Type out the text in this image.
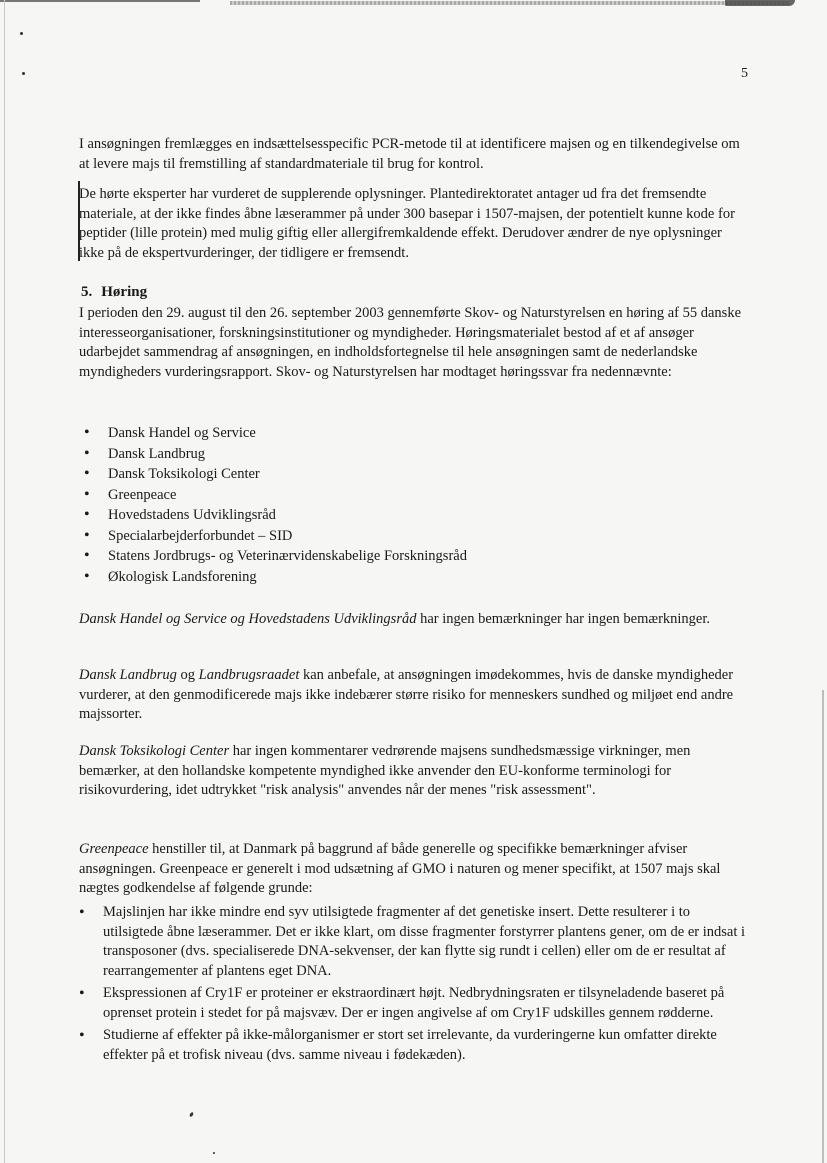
5

I ansøgningen fremlægges en indsættelsesspecific PCR-metode til at identificere majsen og en tilkendegivelse om at levere majs til fremstilling af standardmateriale til brug for kontrol.

De hørte eksperter har vurderet de supplerende oplysninger. Plantedirektoratet antager ud fra det fremsendte materiale, at der ikke findes åbne læserammer på under 300 basepar i 1507-majsen, der potentielt kunne kode for peptider (lille protein) med mulig giftig eller allergifremkaldende effekt. Derudover ændrer de nye oplysninger ikke på de ekspertvurderinger, der tidligere er fremsendt.

5. Høring

I perioden den 29. august til den 26. september 2003 gennemførte Skov- og Naturstyrelsen en høring af 55 danske interesseorganisationer, forskningsinstitutioner og myndigheder. Høringsmaterialet bestod af et af ansøger udarbejdet sammendrag af ansøgningen, en indholdsfortegnelse til hele ansøgningen samt de nederlandske myndigheders vurderingsrapport. Skov- og Naturstyrelsen har modtaget høringssvar fra nedennævnte:

• Dansk Handel og Service
• Dansk Landbrug
• Dansk Toksikologi Center
• Greenpeace
• Hovedstadens Udviklingsråd
• Specialarbejderforbundet – SID
• Statens Jordbrugs- og Veterinærvidenskabelige Forskningsråd
• Økologisk Landsforening

Dansk Handel og Service og Hovedstadens Udviklingsråd har ingen bemærkninger har ingen bemærkninger.

Dansk Landbrug og Landbrugsraadet kan anbefale, at ansøgningen imødekommes, hvis de danske myndigheder vurderer, at den genmodificerede majs ikke indebærer større risiko for menneskers sundhed og miljøet end andre majssorter.

Dansk Toksikologi Center har ingen kommentarer vedrørende majsens sundhedsmæssige virkninger, men bemærker, at den hollandske kompetente myndighed ikke anvender den EU-konforme terminologi for risikovurdering, idet udtrykket "risk analysis" anvendes når der menes "risk assessment".

Greenpeace henstiller til, at Danmark på baggrund af både generelle og specifikke bemærkninger afviser ansøgningen. Greenpeace er generelt i mod udsætning af GMO i naturen og mener specifikt, at 1507 majs skal nægtes godkendelse af følgende grunde:

• Majslinjen har ikke mindre end syv utilsigtede fragmenter af det genetiske insert. Dette resulterer i to utilsigtede åbne læserammer. Det er ikke klart, om disse fragmenter forstyrrer plantens gener, om de er indsat i transposoner (dvs. specialiserede DNA-sekvenser, der kan flytte sig rundt i cellen) eller om de er resultat af rearrangementer af plantens eget DNA.
• Ekspressionen af Cry1F er proteiner er ekstraordinært højt. Nedbrydningsraten er tilsyneladende baseret på oprenset protein i stedet for på majsvæv. Der er ingen angivelse af om Cry1F udskilles gennem rødderne.
• Studierne af effekter på ikke-målorganismer er stort set irrelevante, da vurderingerne kun omfatter direkte effekter på et trofisk niveau (dvs. samme niveau i fødekæden).
